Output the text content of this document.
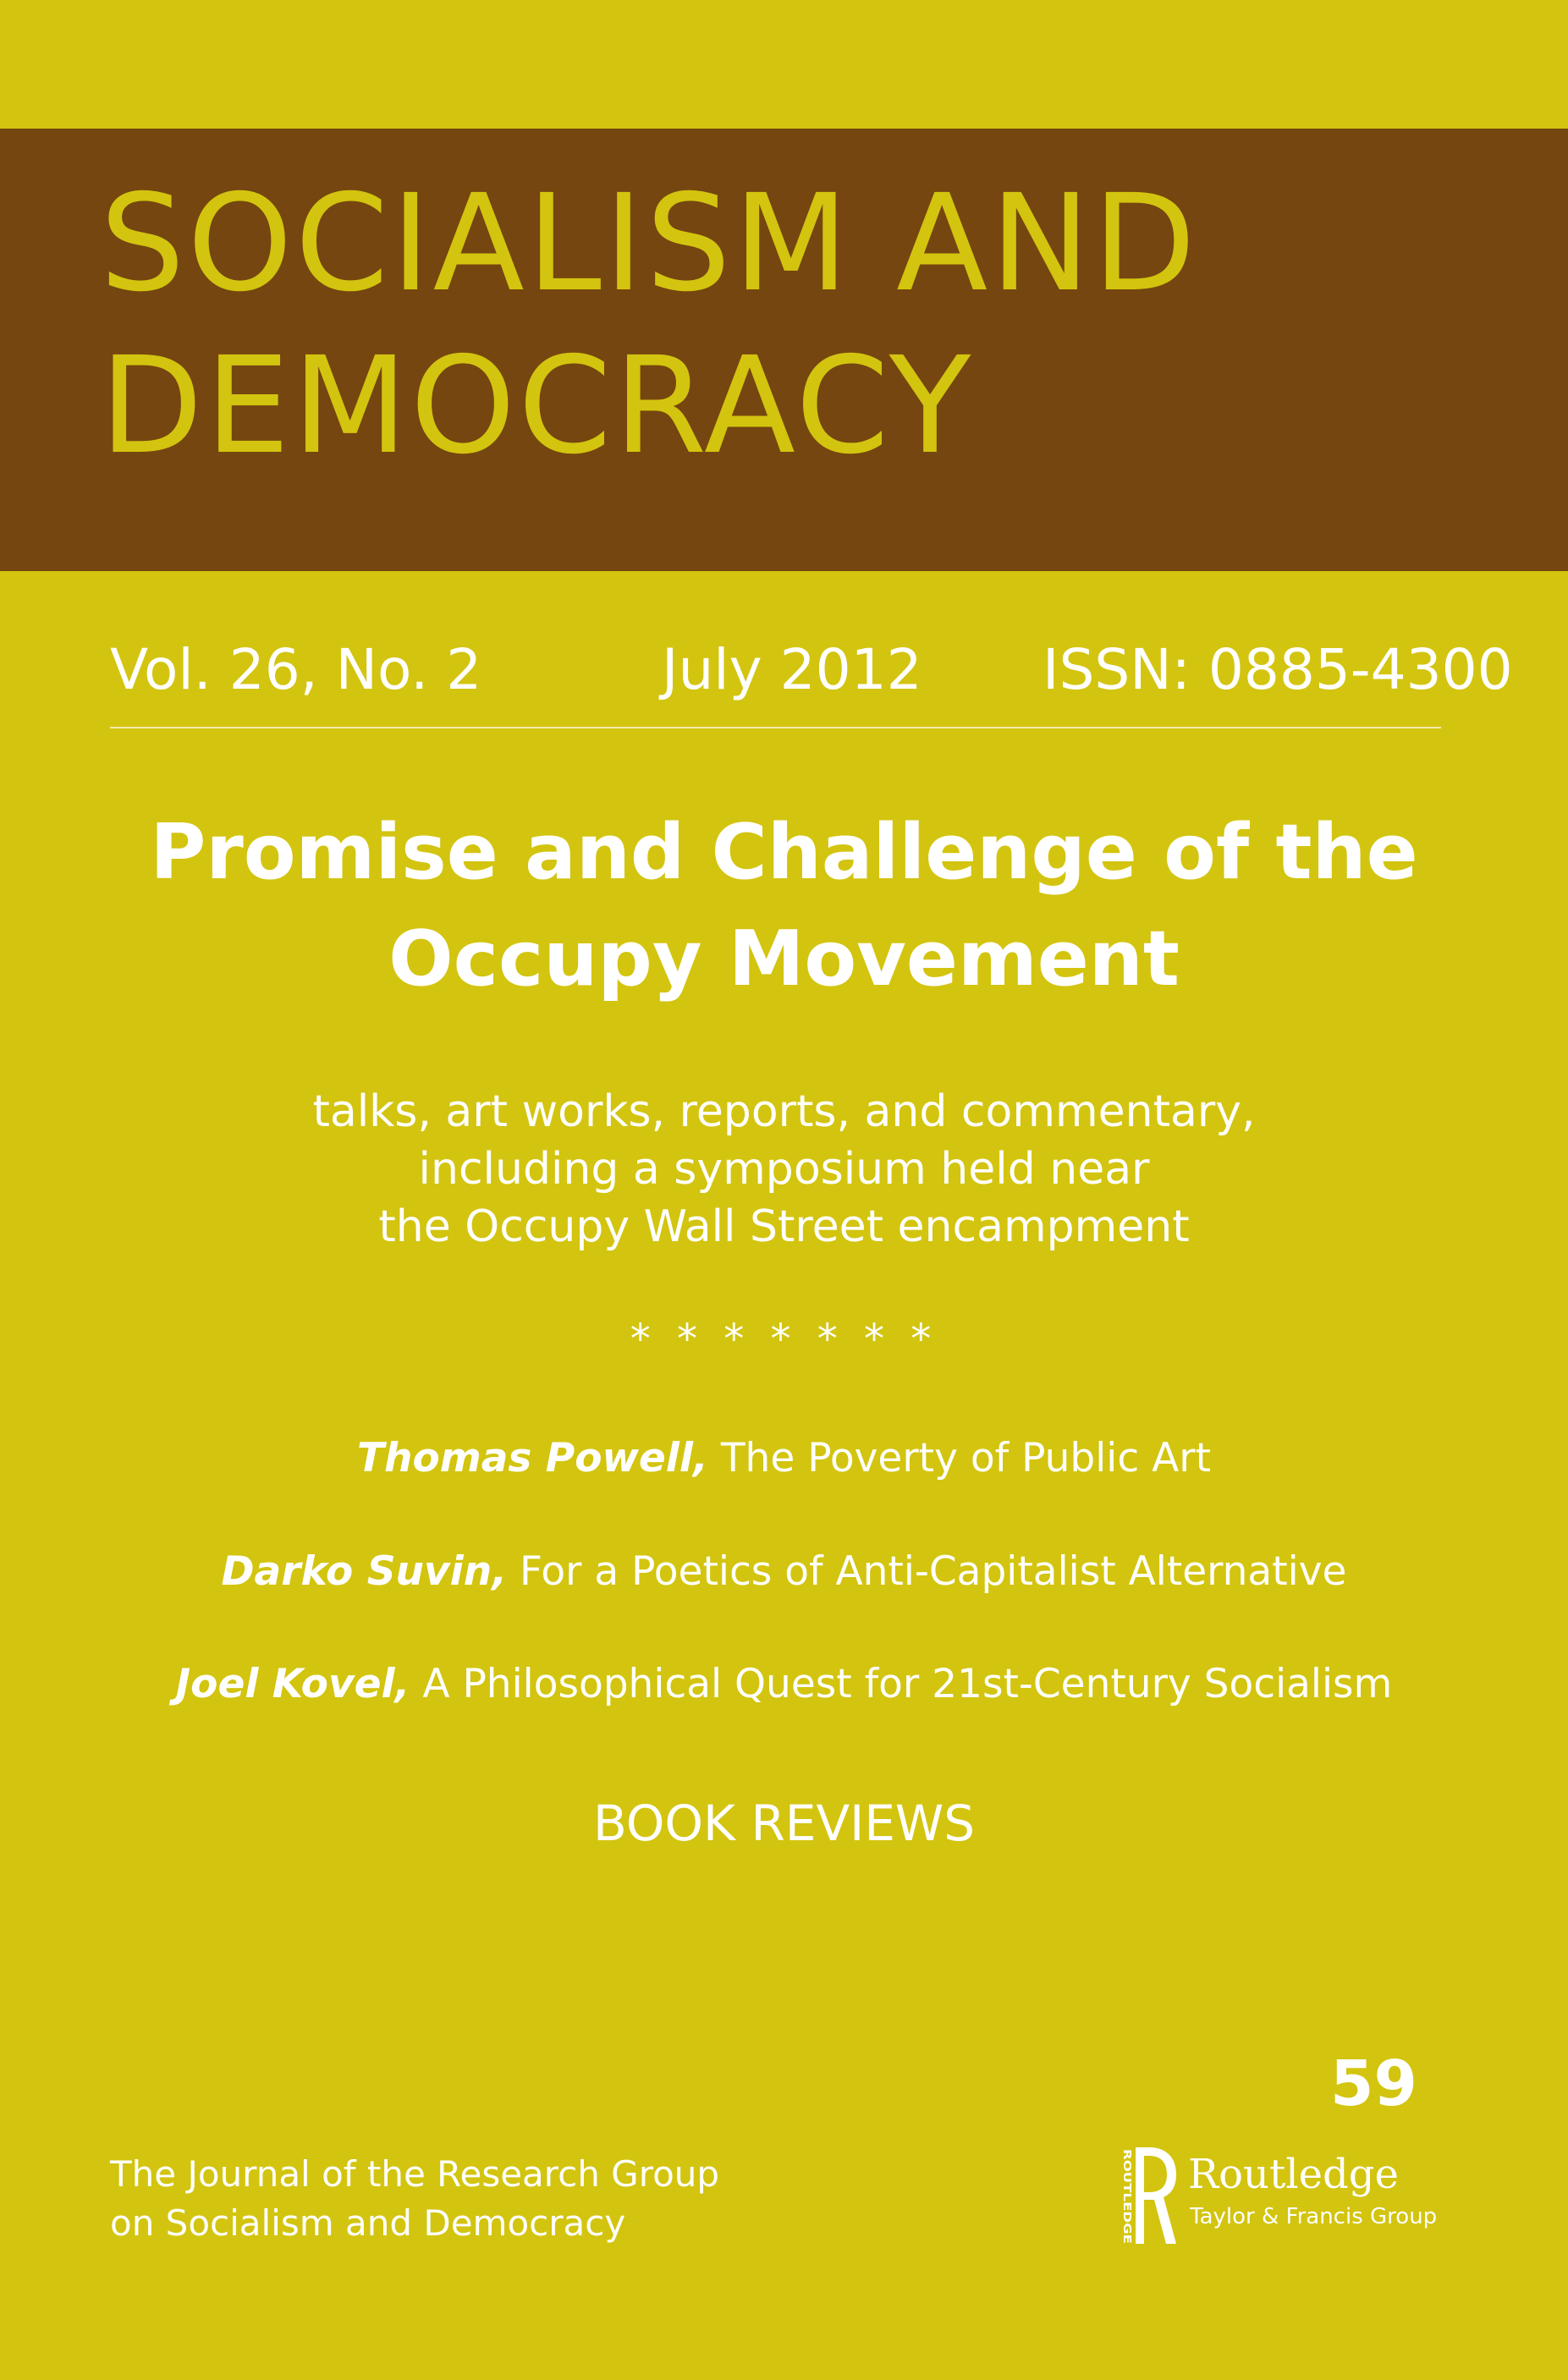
SOCIALISM AND
DEMOCRACY
Vol. 26, No. 2	July 2012 ISSN: 0885-4300
Promise and Challenge of the
Occupy Movement
talks, art works, reports, and commentary,
including a symposium held near
the Occupy Wall Street encampment
* * * * * * *
Thomas Powell, The Poverty of Public Art
Darko Suvin, For a Poetics of Anti-Capitalist Alternative
Joel Kovel, A Philosophical Quest for 21st-Century Socialism
BOOK REVIEWS
59
The Journal of the Research Group
on Socialism and Democracy
ROUTLEDGE Routledge
Taylor & Francis Group
